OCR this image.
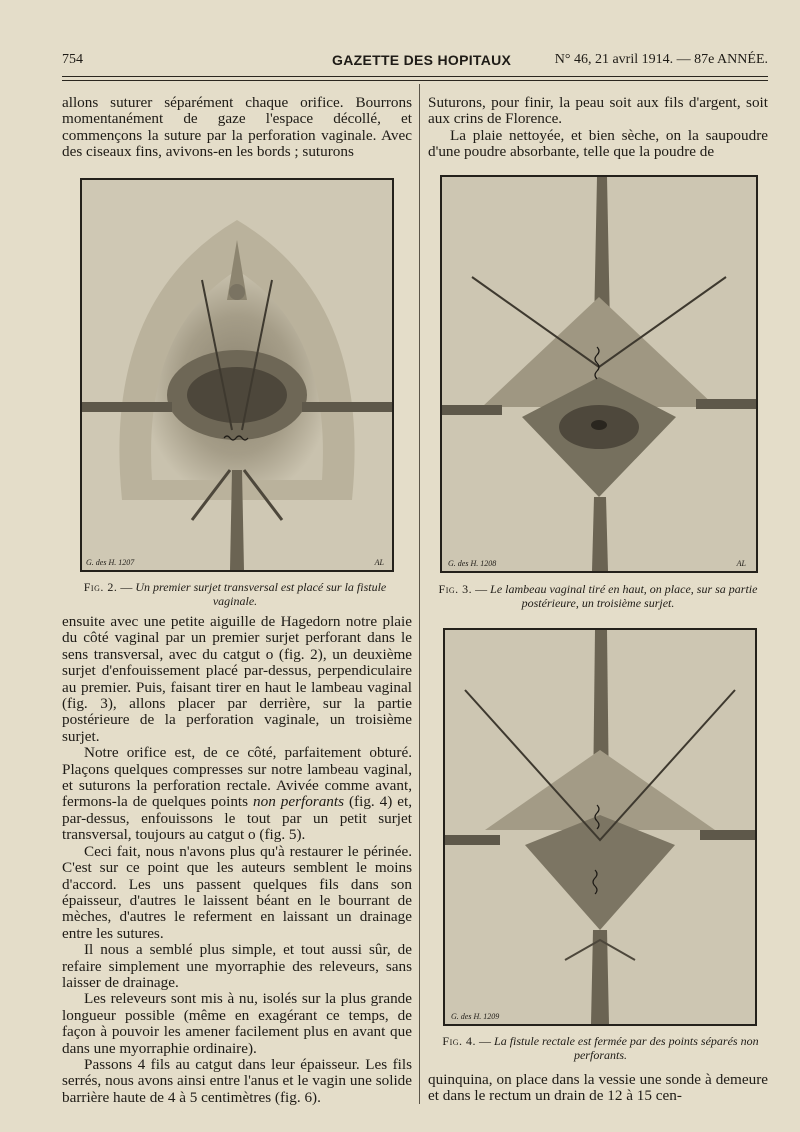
754	GAZETTE DES HOPITAUX	N° 46, 21 avril 1914. — 87e ANNÉE.

allons suturer séparément chaque orifice. Bourrons momentanément de gaze l'espace décollé, et commençons la suture par la perforation vaginale. Avec des ciseaux fins, avivons-en les bords ; suturons

G. des H. 1207	AL
Fig. 2. — Un premier surjet transversal est placé sur la fistule vaginale.

ensuite avec une petite aiguille de Hagedorn notre plaie du côté vaginal par un premier surjet perforant dans le sens transversal, avec du catgut o (fig. 2), un deuxième surjet d'enfouissement placé par-dessus, perpendiculaire au premier. Puis, faisant tirer en haut le lambeau vaginal (fig. 3), allons placer par derrière, sur la partie postérieure de la perforation vaginale, un troisième surjet.

Notre orifice est, de ce côté, parfaitement obturé. Plaçons quelques compresses sur notre lambeau vaginal, et suturons la perforation rectale. Avivée comme avant, fermons-la de quelques points non perforants (fig. 4) et, par-dessus, enfouissons le tout par un petit surjet transversal, toujours au catgut o (fig. 5).

Ceci fait, nous n'avons plus qu'à restaurer le périnée. C'est sur ce point que les auteurs semblent le moins d'accord. Les uns passent quelques fils dans son épaisseur, d'autres le laissent béant en le bourrant de mèches, d'autres le referment en laissant un drainage entre les sutures.

Il nous a semblé plus simple, et tout aussi sûr, de refaire simplement une myorraphie des releveurs, sans laisser de drainage.

Les releveurs sont mis à nu, isolés sur la plus grande longueur possible (même en exagérant ce temps, de façon à pouvoir les amener facilement plus en avant que dans une myorraphie ordinaire).

Passons 4 fils au catgut dans leur épaisseur. Les fils serrés, nous avons ainsi entre l'anus et le vagin une solide barrière haute de 4 à 5 centimètres (fig. 6).

Suturons, pour finir, la peau soit aux fils d'argent, soit aux crins de Florence.

La plaie nettoyée, et bien sèche, on la saupoudre d'une poudre absorbante, telle que la poudre de

G. des H. 1208	AL
Fig. 3. — Le lambeau vaginal tiré en haut, on place, sur sa partie postérieure, un troisième surjet.
G. des H. 1209
Fig. 4. — La fistule rectale est fermée par des points séparés non perforants.

quinquina, on place dans la vessie une sonde à demeure et dans le rectum un drain de 12 à 15 cen-
